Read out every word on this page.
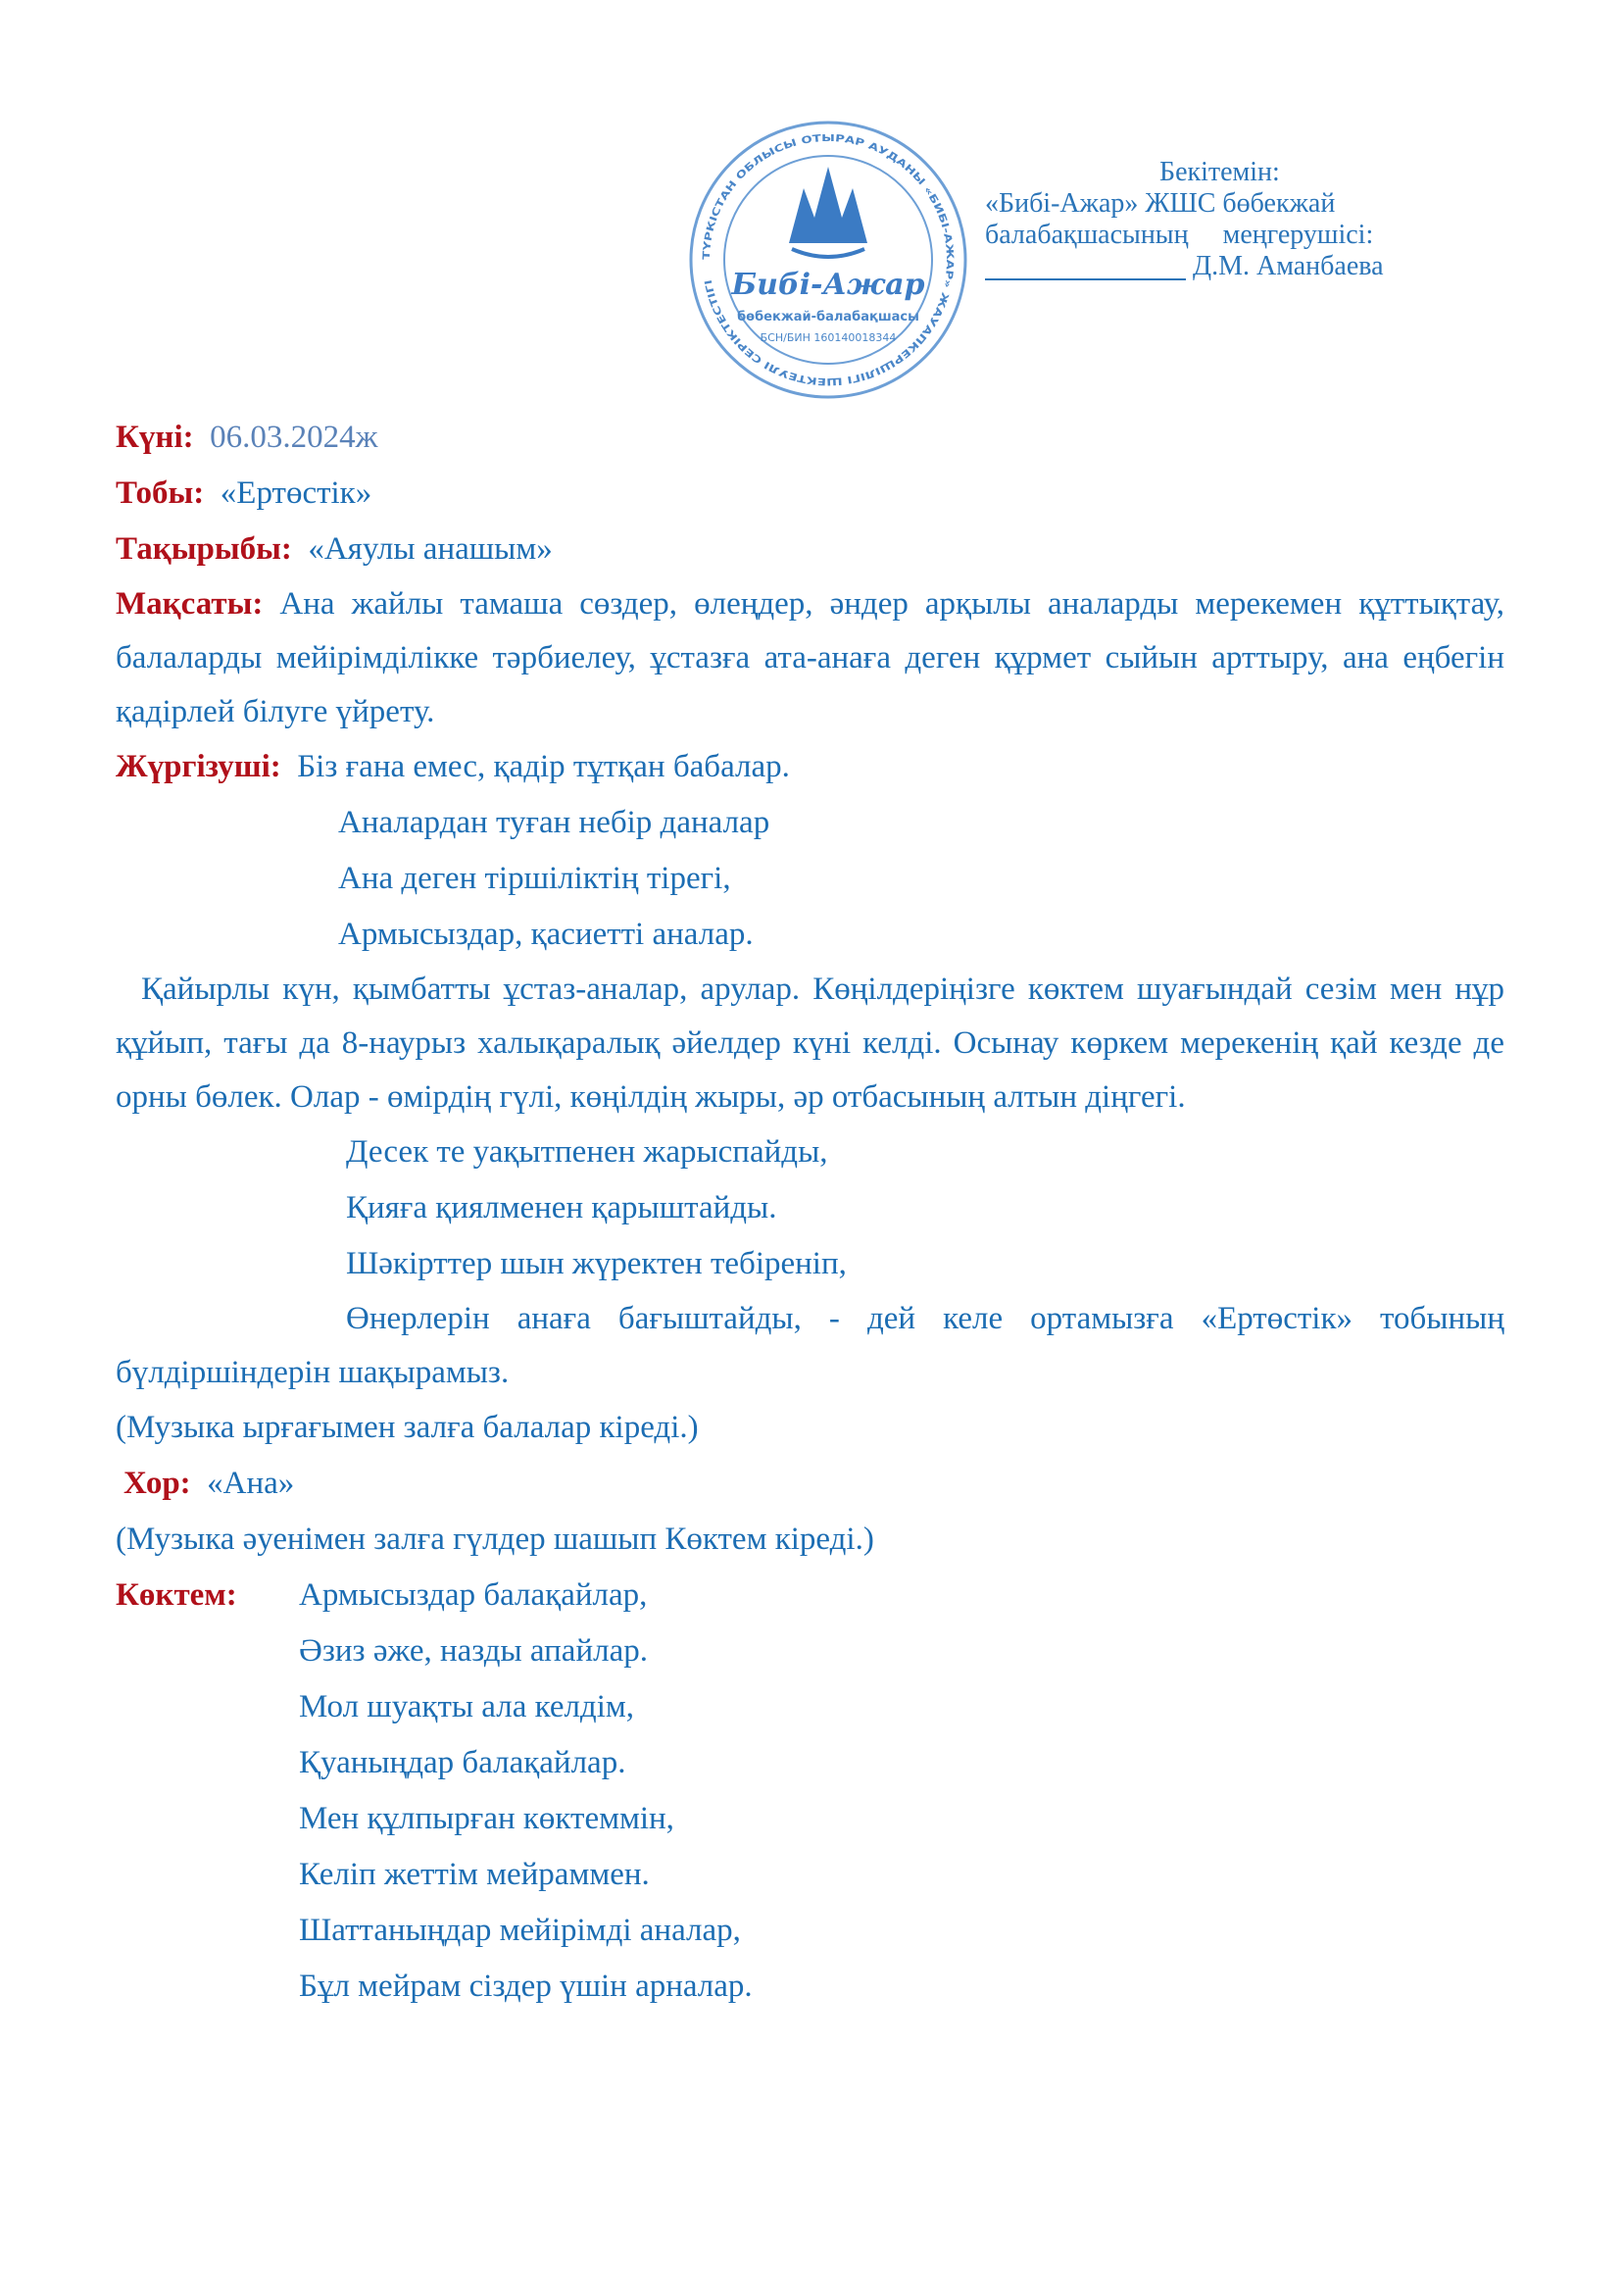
ТҮРКІСТАН ОБЛЫСЫ ОТЫРАР АУДАНЫ «БИБІ-АЖАР» ЖАУАПКЕРШІЛІГІ ШЕКТЕУЛІ СЕРІКТЕСТІГІ Бибі-Ажар
бөбекжай-балабақшасы
БСН/БИН 160140018344
Бекітемін:
«Бибі-Ажар» ЖШС бөбекжай
балабақшасының     меңгерушісі:
Д.М. Аманбаева
Күні: 06.03.2024ж
Тобы: «Ертөстік»
Тақырыбы: «Аяулы анашым»

Мақсаты: Ана жайлы тамаша сөздер, өлеңдер, әндер арқылы аналарды мерекемен құттықтау, балаларды мейірімділікке тәрбиелеу, ұстазға ата-анаға деген құрмет сыйын арттыру, ана еңбегін қадірлей білуге үйрету.

Жүргізуші: Біз ғана емес, қадір тұтқан бабалар.
Аналардан туған небір даналар
Ана деген тіршіліктің тірегі,
Армысыздар, қасиетті аналар.

Қайырлы күн, қымбатты ұстаз-аналар, арулар. Көңілдеріңізге көктем шуағындай сезім мен нұр құйып, тағы да 8-наурыз халықаралық әйелдер күні келді. Осынау көркем мерекенің қай кезде де орны бөлек. Олар - өмірдің гүлі, көңілдің жыры, әр отбасының алтын діңгегі.

Десек те уақытпенен жарыспайды,
Қияға қиялменен қарыштайды.
Шәкірттер шын жүректен тебіреніп,

Өнерлерін анаға бағыштайды, - дей келе ортамызға «Ертөстік» тобының бүлдіршіндерін шақырамыз.

(Музыка ырғағымен залға балалар кіреді.)
Хор: «Ана»
(Музыка әуенімен залға гүлдер шашып Көктем кіреді.)
Көктем: Армысыздар балақайлар,
Әзиз әже, назды апайлар.
Мол шуақты ала келдім,
Қуаныңдар балақайлар.
Мен құлпырған көктеммін,
Келіп жеттім мейраммен.
Шаттаныңдар мейірімді аналар,
Бұл мейрам сіздер үшін арналар.
